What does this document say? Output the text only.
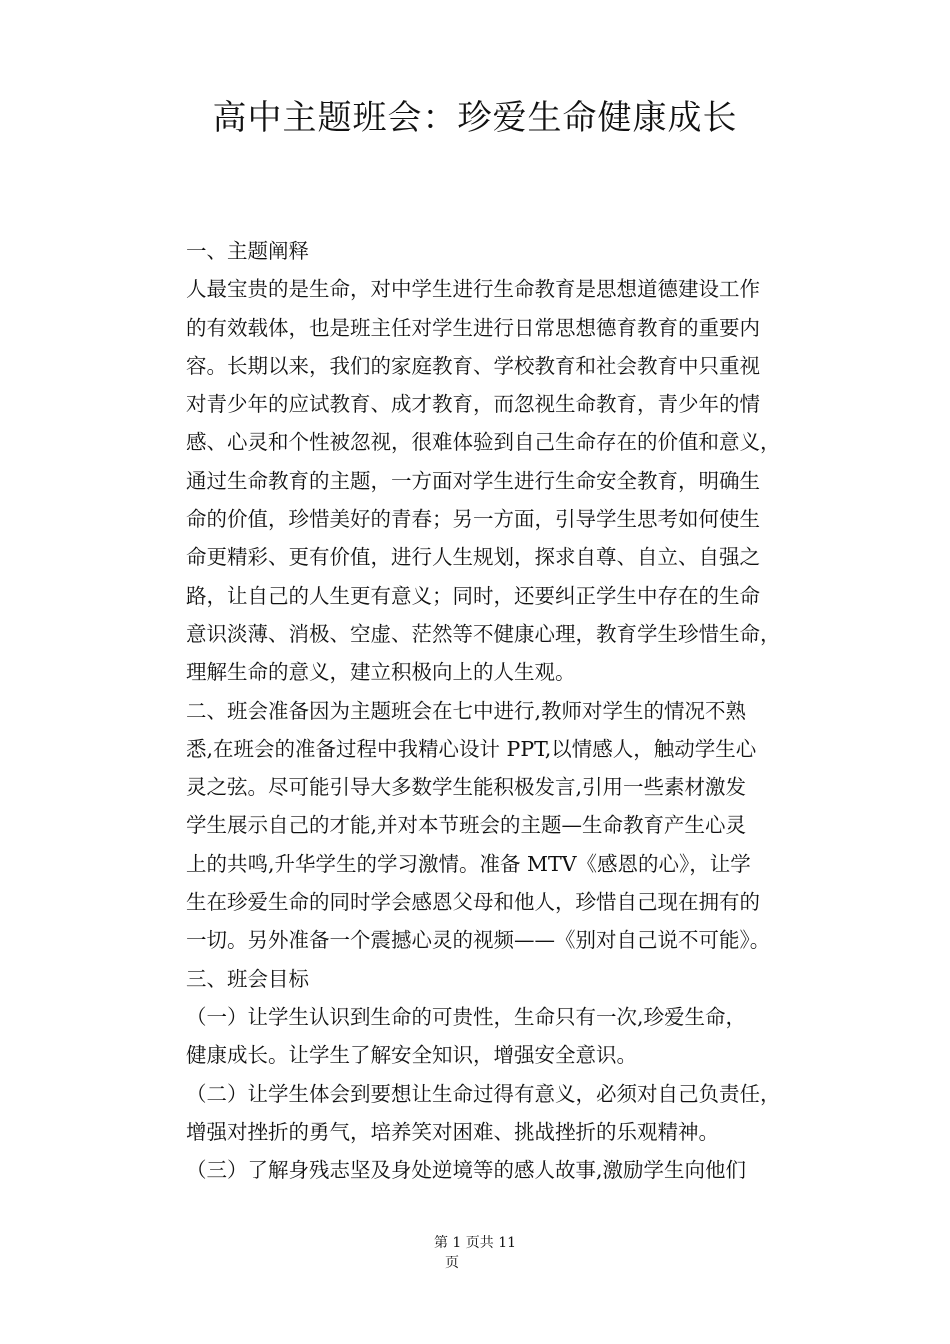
高中主题班会：珍爱生命健康成长
一、主题阐释
人最宝贵的是生命，对中学生进行生命教育是思想道德建设工作
的有效载体，也是班主任对学生进行日常思想德育教育的重要内
容。长期以来，我们的家庭教育、学校教育和社会教育中只重视
对青少年的应试教育、成才教育，而忽视生命教育，青少年的情
感、心灵和个性被忽视，很难体验到自己生命存在的价值和意义，
通过生命教育的主题，一方面对学生进行生命安全教育，明确生
命的价值，珍惜美好的青春；另一方面，引导学生思考如何使生
命更精彩、更有价值，进行人生规划，探求自尊、自立、自强之
路，让自己的人生更有意义；同时，还要纠正学生中存在的生命
意识淡薄、消极、空虚、茫然等不健康心理，教育学生珍惜生命，
理解生命的意义，建立积极向上的人生观。
二、班会准备因为主题班会在七中进行,教师对学生的情况不熟
悉,在班会的准备过程中我精心设计 PPT,以情感人，触动学生心
灵之弦。尽可能引导大多数学生能积极发言,引用一些素材激发
学生展示自己的才能,并对本节班会的主题—生命教育产生心灵
上的共鸣,升华学生的学习激情。准备 MTV《感恩的心》，让学
生在珍爱生命的同时学会感恩父母和他人，珍惜自己现在拥有的
一切。另外准备一个震撼心灵的视频——《别对自己说不可能》。
三、班会目标
（一）让学生认识到生命的可贵性，生命只有一次,珍爱生命，
健康成长。让学生了解安全知识，增强安全意识。
（二）让学生体会到要想让生命过得有意义，必须对自己负责任，
增强对挫折的勇气，培养笑对困难、挑战挫折的乐观精神。
（三）了解身残志坚及身处逆境等的感人故事,激励学生向他们
第 1 页共 11
页
